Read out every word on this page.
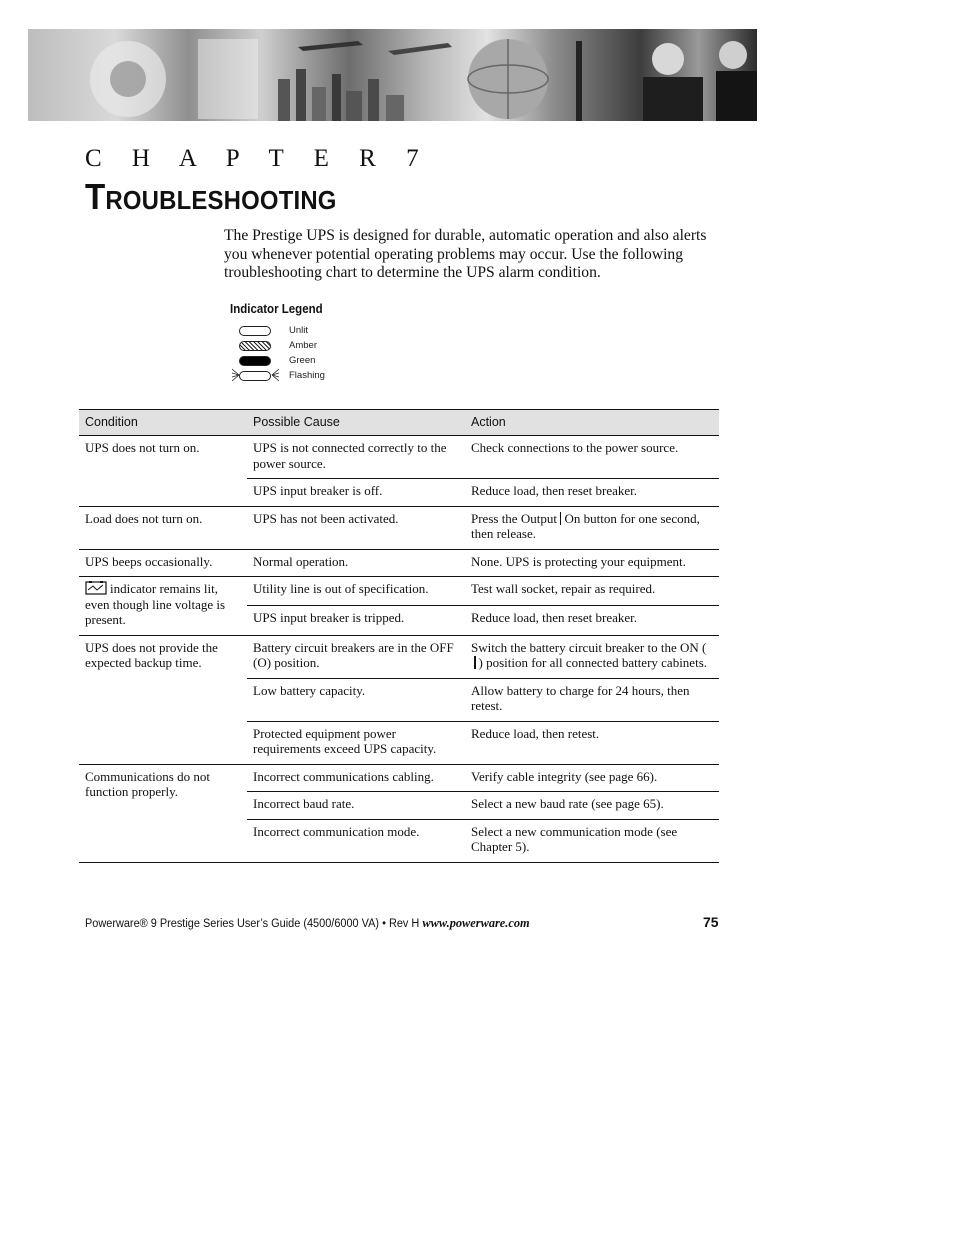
C H A P T E R 7
TROUBLESHOOTING
The Prestige UPS is designed for durable, automatic operation and also alerts you whenever potential operating problems may occur. Use the following troubleshooting chart to determine the UPS alarm condition.
Indicator Legend
Unlit
Amber
Green
Flashing
Condition	Possible Cause	Action
UPS does not turn on.	UPS is not connected correctly to the power source.	Check connections to the power source.
	UPS input breaker is off.	Reduce load, then reset breaker.
Load does not turn on.	UPS has not been activated.	Press the Output On button for one second, then release.
UPS beeps occasionally.	Normal operation.	None. UPS is protecting your equipment.
indicator remains lit, even though line voltage is present.	Utility line is out of specification.	Test wall socket, repair as required.
	UPS input breaker is tripped.	Reduce load, then reset breaker.
UPS does not provide the expected backup time.	Battery circuit breakers are in the OFF (O) position.	Switch the battery circuit breaker to the ON () position for all connected battery cabinets.
	Low battery capacity.	Allow battery to charge for 24 hours, then retest.
	Protected equipment power requirements exceed UPS capacity.	Reduce load, then retest.
Communications do not function properly.	Incorrect communications cabling.	Verify cable integrity (see page 66).
	Incorrect baud rate.	Select a new baud rate (see page 65).
	Incorrect communication mode.	Select a new communication mode (see Chapter 5).
Powerware® 9 Prestige Series User’s Guide (4500/6000 VA) • Rev H www.powerware.com	75
